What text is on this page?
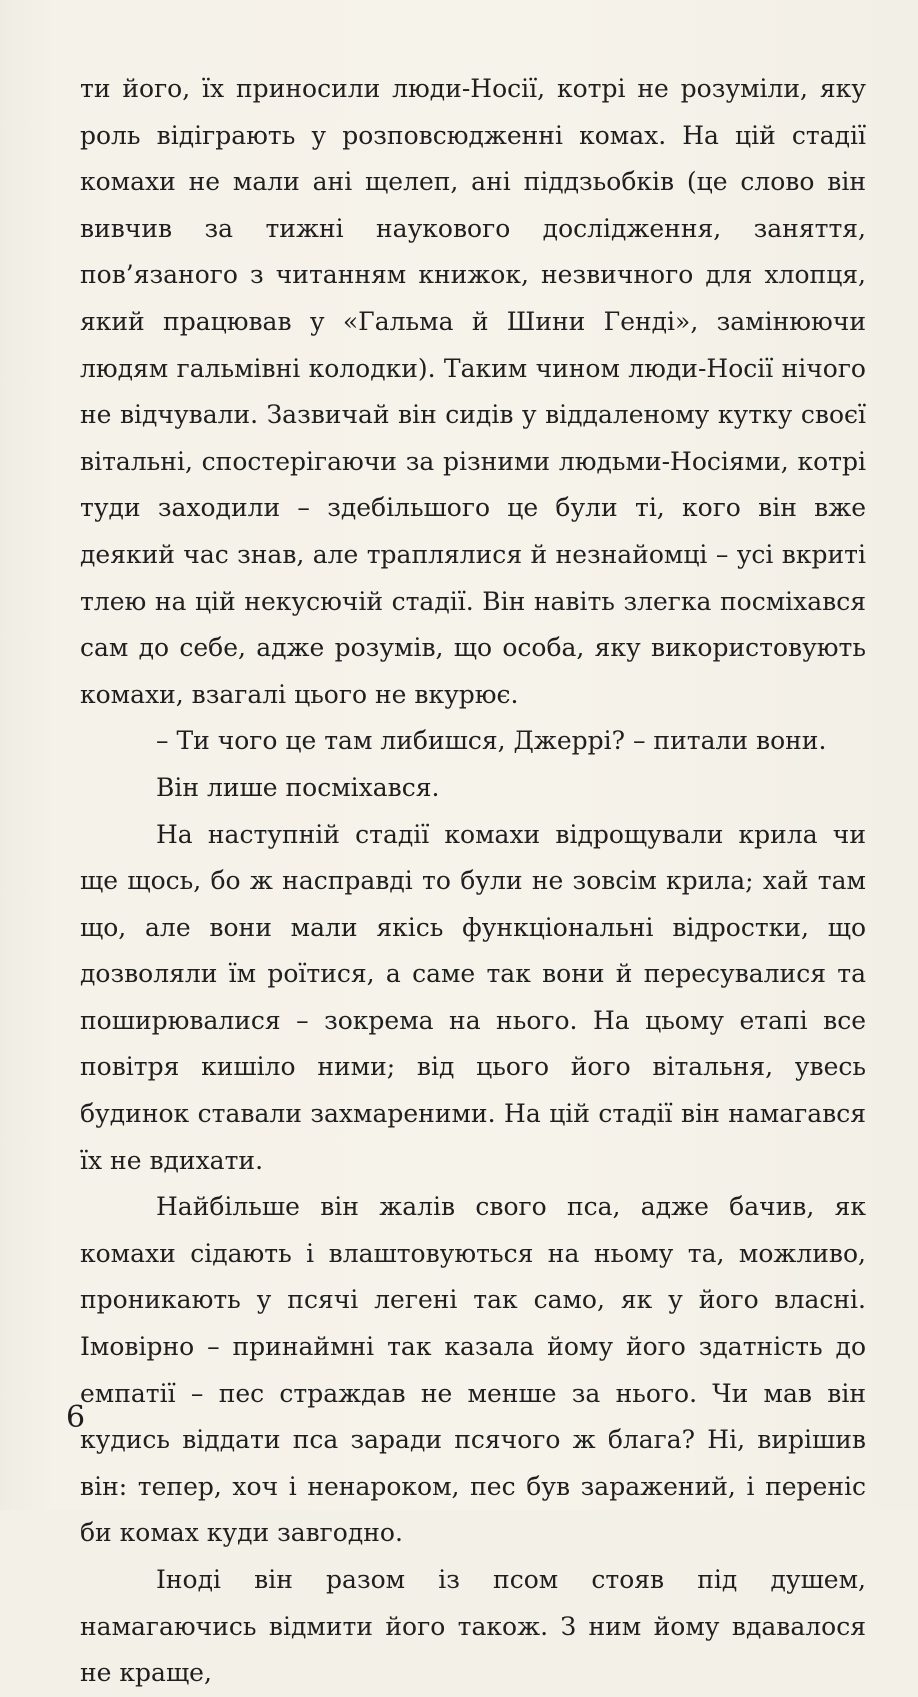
ти його, їх приносили люди-Носії, котрі не розуміли, яку роль відіграють у розповсюдженні комах. На цій стадії комахи не мали ані щелеп, ані піддзьобків (це слово він вивчив за тижні наукового дослідження, заняття, пов’язаного з читанням книжок, незвичного для хлопця, який працював у «Гальма й Шини Генді», замінюючи людям гальмівні колодки). Таким чином люди-Носії нічого не відчували. Зазвичай він сидів у віддаленому кутку своєї вітальні, спостерігаючи за різними людьми-Носіями, котрі туди заходили – здебільшого це були ті, кого він вже деякий час знав, але траплялися й незнайомці – усі вкриті тлею на цій некусючій стадії. Він навіть злегка посміхався сам до себе, адже розумів, що особа, яку використовують комахи, взагалі цього не вкурює.

– Ти чого це там либишся, Джеррі? – питали вони.

Він лише посміхався.

На наступній стадії комахи відрощували крила чи ще щось, бо ж насправді то були не зовсім крила; хай там що, але вони мали якісь функціональні відростки, що дозволяли їм роїтися, а саме так вони й пересувалися та поширювалися – зокрема на нього. На цьому етапі все повітря кишіло ними; від цього його вітальня, увесь будинок ставали захмареними. На цій стадії він намагався їх не вдихати.

Найбільше він жалів свого пса, адже бачив, як комахи сідають і влаштовуються на ньому та, можливо, проникають у псячі легені так само, як у його власні. Імовірно – принаймні так казала йому його здатність до емпатії – пес страждав не менше за нього. Чи мав він кудись віддати пса заради псячого ж блага? Ні, вирішив він: тепер, хоч і ненароком, пес був заражений, і переніс би комах куди завгодно.

Іноді він разом із псом стояв під душем, намагаючись відмити його також. З ним йому вдавалося не краще,

6
